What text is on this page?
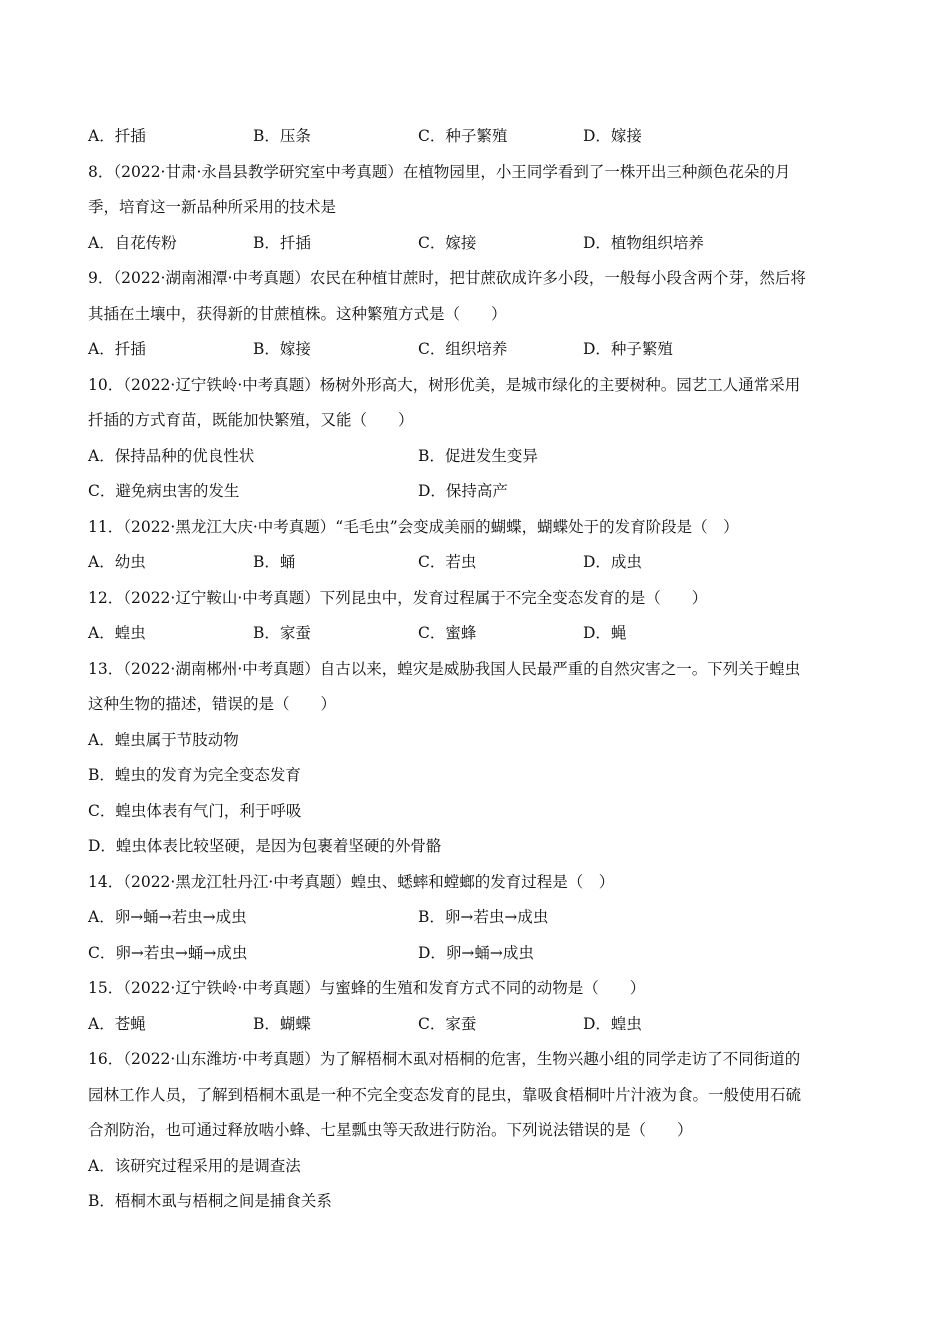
A．扦插	B．压条	C．种子繁殖	D．嫁接
8．（2022·甘肃·永昌县教学研究室中考真题）在植物园里，小王同学看到了一株开出三种颜色花朵的月
季，培育这一新品种所采用的技术是
A．自花传粉	B．扦插	C．嫁接	D．植物组织培养
9．（2022·湖南湘潭·中考真题）农民在种植甘蔗时，把甘蔗砍成许多小段，一般每小段含两个芽，然后将
其插在土壤中，获得新的甘蔗植株。这种繁殖方式是（　　）
A．扦插	B．嫁接	C．组织培养	D．种子繁殖
10．（2022·辽宁铁岭·中考真题）杨树外形高大，树形优美，是城市绿化的主要树种。园艺工人通常采用
扦插的方式育苗，既能加快繁殖，又能（　　）
A．保持品种的优良性状	B．促进发生变异
C．避免病虫害的发生	D．保持高产
11．（2022·黑龙江大庆·中考真题）“毛毛虫”会变成美丽的蝴蝶，蝴蝶处于的发育阶段是（　）
A．幼虫	B．蛹	C．若虫	D．成虫
12．（2022·辽宁鞍山·中考真题）下列昆虫中，发育过程属于不完全变态发育的是（　　）
A．蝗虫	B．家蚕	C．蜜蜂	D．蝇
13．（2022·湖南郴州·中考真题）自古以来，蝗灾是威胁我国人民最严重的自然灾害之一。下列关于蝗虫
这种生物的描述，错误的是（　　）
A．蝗虫属于节肢动物
B．蝗虫的发育为完全变态发育
C．蝗虫体表有气门，利于呼吸
D．蝗虫体表比较坚硬，是因为包裹着坚硬的外骨骼
14．（2022·黑龙江牡丹江·中考真题）蝗虫、蟋蟀和螳螂的发育过程是（　）
A．卵→蛹→若虫→成虫	B．卵→若虫→成虫
C．卵→若虫→蛹→成虫	D．卵→蛹→成虫
15．（2022·辽宁铁岭·中考真题）与蜜蜂的生殖和发育方式不同的动物是（　　）
A．苍蝇	B．蝴蝶	C．家蚕	D．蝗虫
16．（2022·山东潍坊·中考真题）为了解梧桐木虱对梧桐的危害，生物兴趣小组的同学走访了不同街道的
园林工作人员，了解到梧桐木虱是一种不完全变态发育的昆虫，靠吸食梧桐叶片汁液为食。一般使用石硫
合剂防治，也可通过释放啮小蜂、七星瓢虫等天敌进行防治。下列说法错误的是（　　）
A．该研究过程采用的是调查法
B．梧桐木虱与梧桐之间是捕食关系
